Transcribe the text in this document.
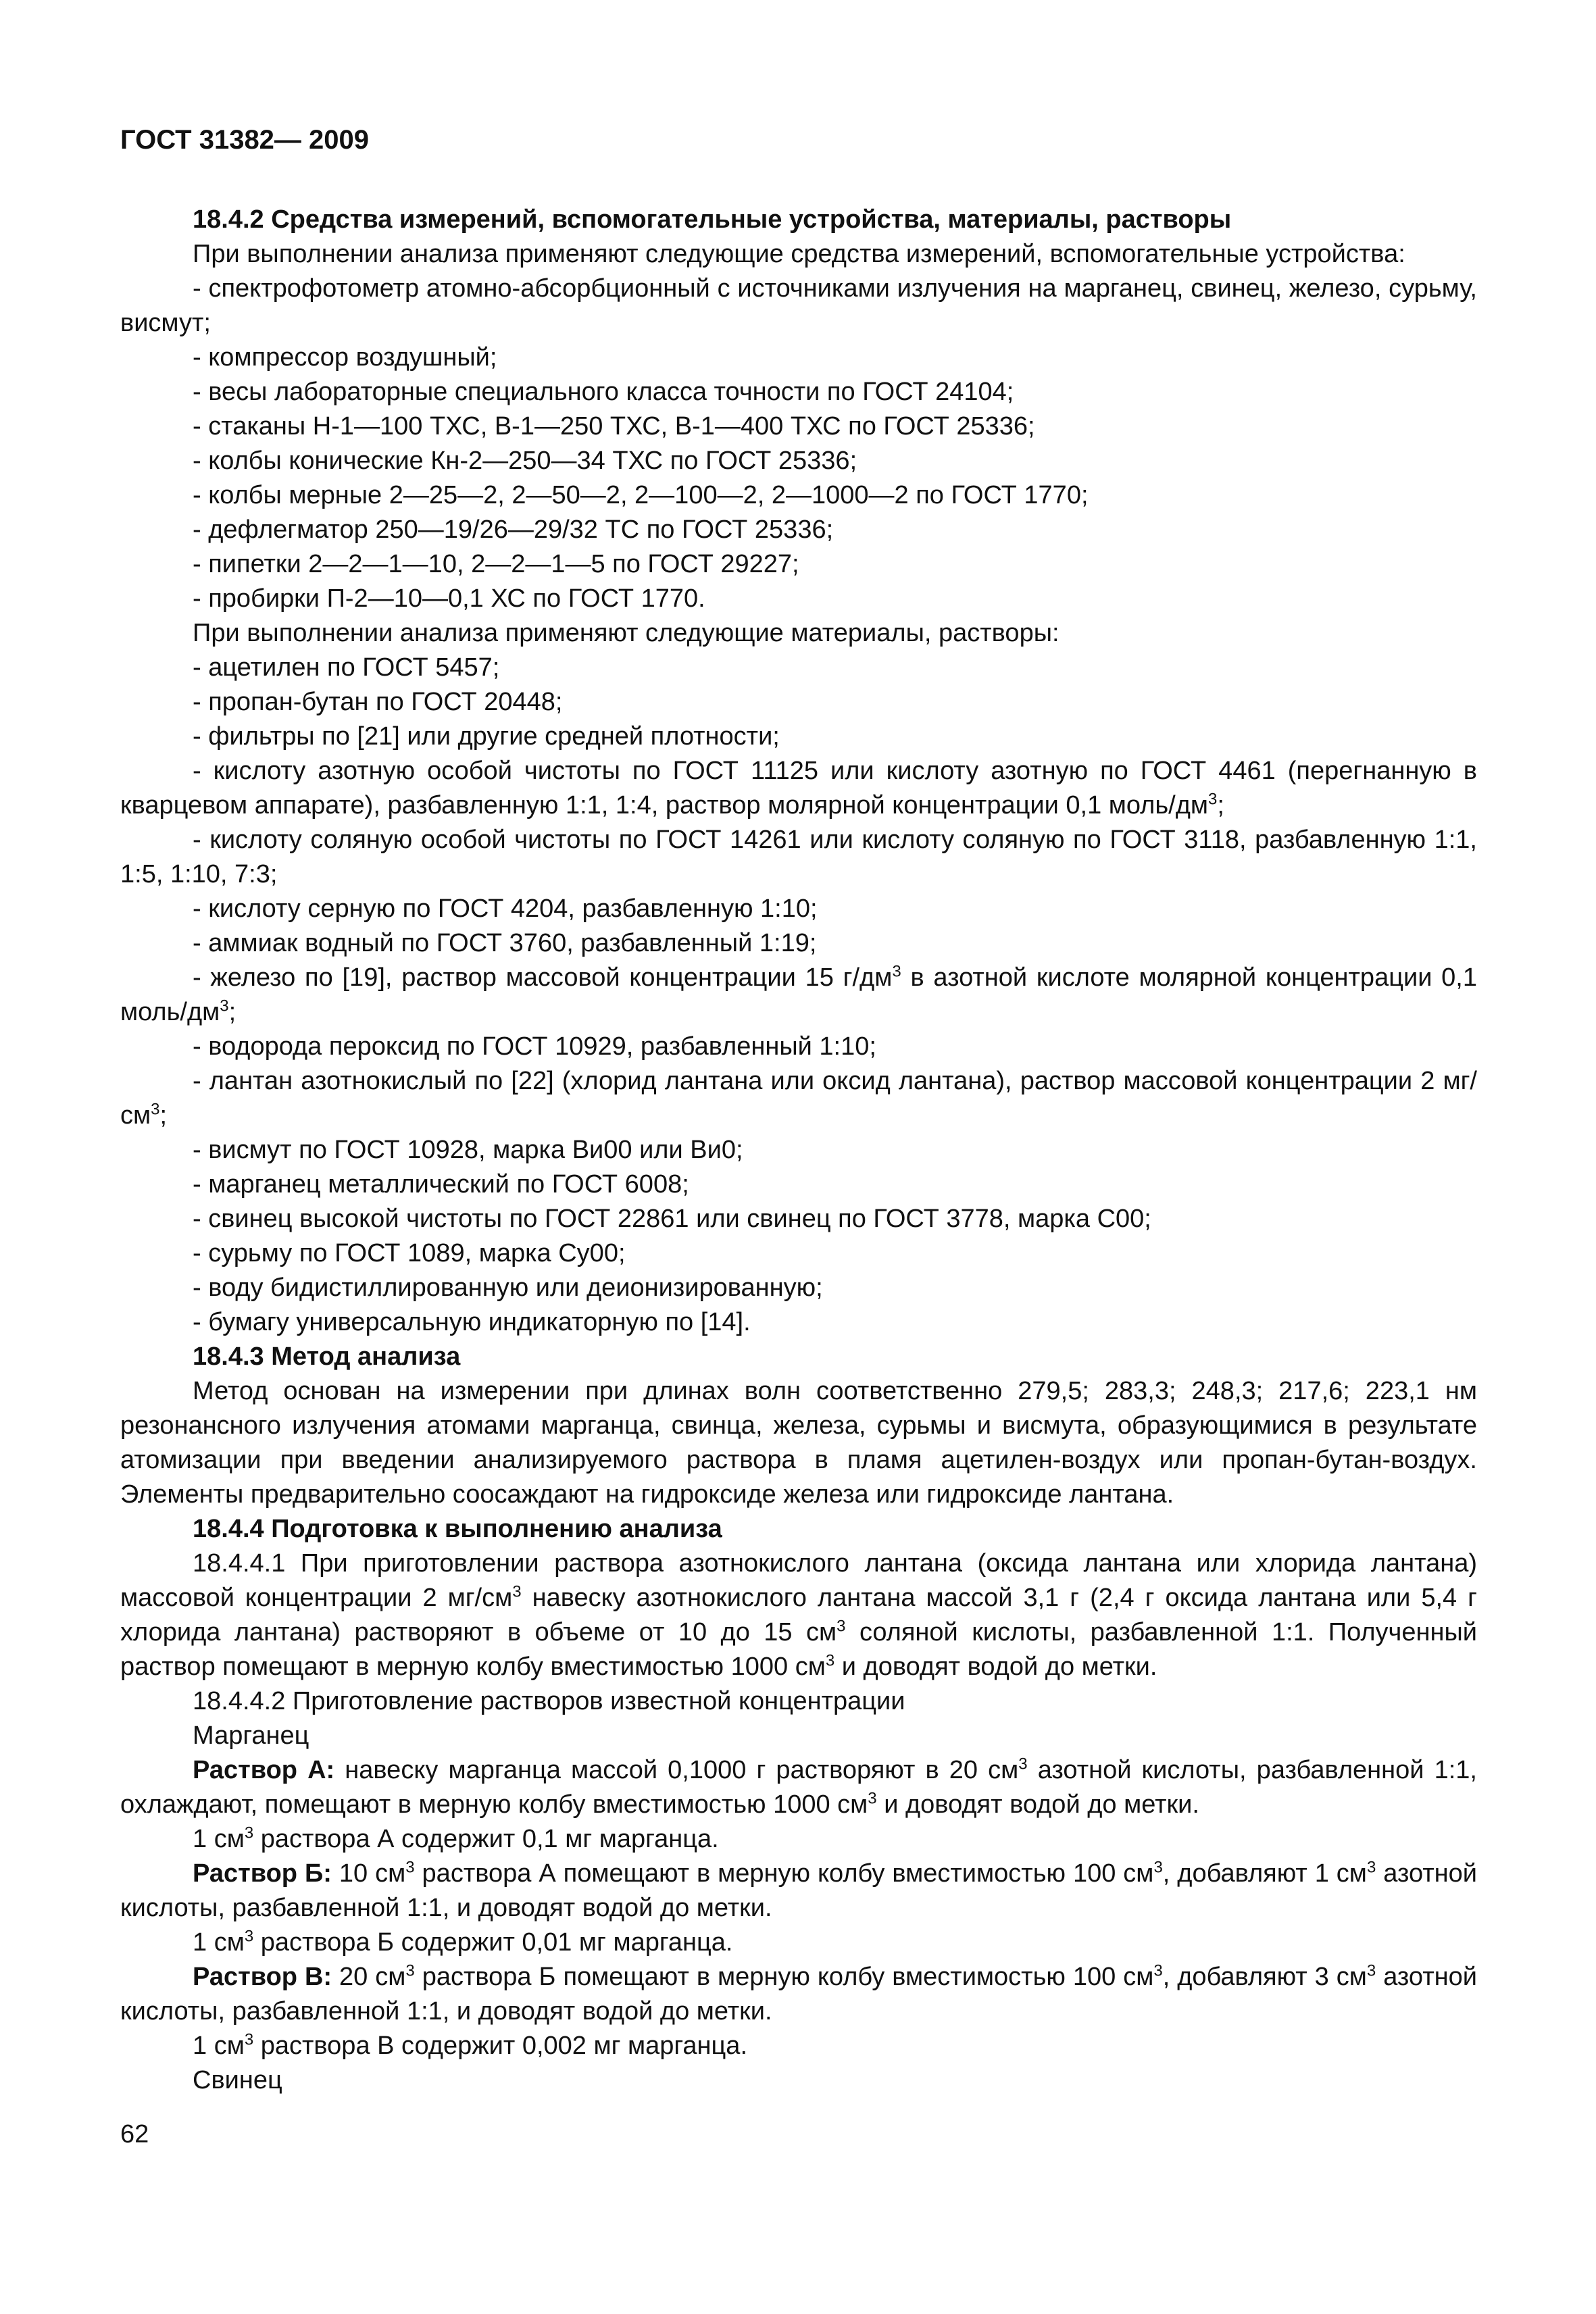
ГОСТ 31382— 2009

18.4.2 Средства измерений, вспомогательные устройства, материалы, растворы

При выполнении анализа применяют следующие средства измерений, вспомогательные устройства:

- спектрофотометр атомно-абсорбционный с источниками излучения на марганец, свинец, железо, сурьму, висмут;

- компрессор воздушный;

- весы лабораторные специального класса точности по ГОСТ 24104;

- стаканы Н-1—100 ТХС, В-1—250 ТХС, В-1—400 ТХС по ГОСТ 25336;

- колбы конические Кн-2—250—34 ТХС по ГОСТ 25336;

- колбы мерные 2—25—2, 2—50—2, 2—100—2, 2—1000—2 по ГОСТ 1770;

- дефлегматор 250—19/26—29/32 ТС по ГОСТ 25336;

- пипетки 2—2—1—10, 2—2—1—5 по ГОСТ 29227;

- пробирки П-2—10—0,1 ХС по ГОСТ 1770.

При выполнении анализа применяют следующие материалы, растворы:

- ацетилен по ГОСТ 5457;

- пропан-бутан по ГОСТ 20448;

- фильтры по [21] или другие средней плотности;

- кислоту азотную особой чистоты по ГОСТ 11125 или кислоту азотную по ГОСТ 4461 (перегнанную в кварцевом аппарате), разбавленную 1:1, 1:4, раствор молярной концентрации 0,1 моль/$дм^3$;

- кислоту соляную особой чистоты по ГОСТ 14261 или кислоту соляную по ГОСТ 3118, разбавленную 1:1, 1:5, 1:10, 7:3;

- кислоту серную по ГОСТ 4204, разбавленную 1:10;

- аммиак водный по ГОСТ 3760, разбавленный 1:19;

- железо по [19], раствор массовой концентрации 15 $г/дм^3$ в азотной кислоте молярной концентрации 0,1 моль/$дм^3$;

- водорода пероксид по ГОСТ 10929, разбавленный 1:10;

- лантан азотнокислый по [22] (хлорид лантана или оксид лантана), раствор массовой концентрации 2 $мг/см^3$;

- висмут по ГОСТ 10928, марка Ви00 или Ви0;

- марганец металлический по ГОСТ 6008;

- свинец высокой чистоты по ГОСТ 22861 или свинец по ГОСТ 3778, марка С00;

- сурьму по ГОСТ 1089, марка Су00;

- воду бидистиллированную или деионизированную;

- бумагу универсальную индикаторную по [14].

18.4.3 Метод анализа

Метод основан на измерении при длинах волн соответственно 279,5; 283,3; 248,3; 217,6; 223,1 нм резонансного излучения атомами марганца, свинца, железа, сурьмы и висмута, образующимися в результате атомизации при введении анализируемого раствора в пламя ацетилен-воздух или пропан-бутан-воздух. Элементы предварительно соосаждают на гидроксиде железа или гидроксиде лантана.

18.4.4 Подготовка к выполнению анализа

18.4.4.1 При приготовлении раствора азотнокислого лантана (оксида лантана или хлорида лантана) массовой концентрации 2 $мг/см^3$ навеску азотнокислого лантана массой 3,1 г (2,4 г оксида лантана или 5,4 г хлорида лантана) растворяют в объеме от 10 до 15 $см^3$ соляной кислоты, разбавленной 1:1. Полученный раствор помещают в мерную колбу вместимостью 1000 $см^3$ и доводят водой до метки.

18.4.4.2 Приготовление растворов известной концентрации

Марганец

Раствор А: навеску марганца массой 0,1000 г растворяют в 20 $см^3$ азотной кислоты, разбавленной 1:1, охлаждают, помещают в мерную колбу вместимостью 1000 $см^3$ и доводят водой до метки.

1 $см^3$ раствора А содержит 0,1 мг марганца.

Раствор Б: 10 $см^3$ раствора А помещают в мерную колбу вместимостью 100 $см^3$, добавляют 1 $см^3$ азотной кислоты, разбавленной 1:1, и доводят водой до метки.

1 $см^3$ раствора Б содержит 0,01 мг марганца.

Раствор В: 20 $см^3$ раствора Б помещают в мерную колбу вместимостью 100 $см^3$, добавляют 3 $см^3$ азотной кислоты, разбавленной 1:1, и доводят водой до метки.

1 $см^3$ раствора В содержит 0,002 мг марганца.

Свинец

62
